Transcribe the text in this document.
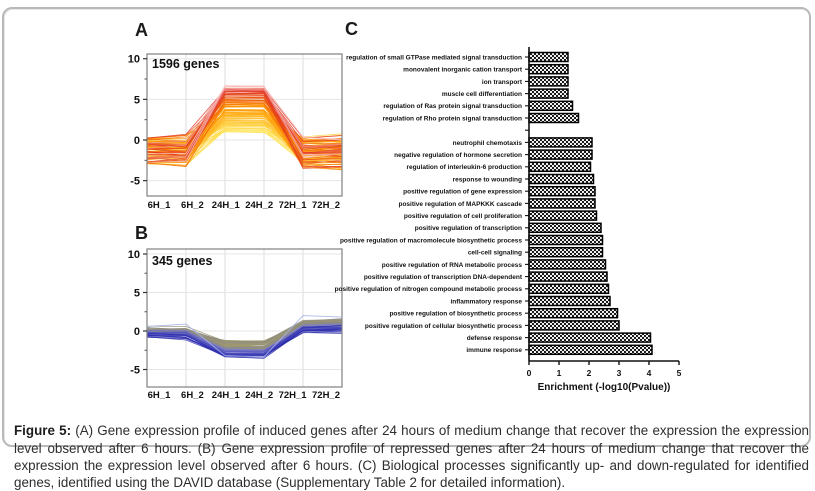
A
B
C
10
5
0
-5
6H_1 6H_2 24H_1 24H_2 72H_1 72H_2
1596 genes
10
5
0
-5
6H_1 6H_2 24H_1 24H_2 72H_1 72H_2
345 genes
regulation of small GTPase mediated signal transduction
monovalent inorganic cation transport
ion transport
muscle cell differentiation
regulation of Ras protein signal transduction
regulation of Rho protein signal transduction
neutrophil chemotaxis
negative regulation of hormone secretion
regulation of interleukin-6 production
response to wounding
positive regulation of gene expression
positive regulation of MAPKKK cascade
positive regulation of cell proliferation
positive regulation of transcription
positive regulation of macromolecule biosynthetic process
cell-cell signaling
positive regulation of RNA metabolic process
positive regulation of transcription DNA-dependent
positive regulation of nitrogen compound metabolic process
inflammatory response
positive regulation of biosynthetic process
positive regulation of cellular biosynthetic process
defense response
immune response
0	1	2	3	4	5
Enrichment (-log10(Pvalue))

Figure 5: (A) Gene expression profile of induced genes after 24 hours of medium change that recover the expression the expression level observed after 6 hours. (B) Gene expression profile of repressed genes after 24 hours of medium change that recover the expression the expression level observed after 6 hours. (C) Biological processes significantly up- and down-regulated for identified genes, identified using the DAVID database (Supplementary Table 2 for detailed information).
